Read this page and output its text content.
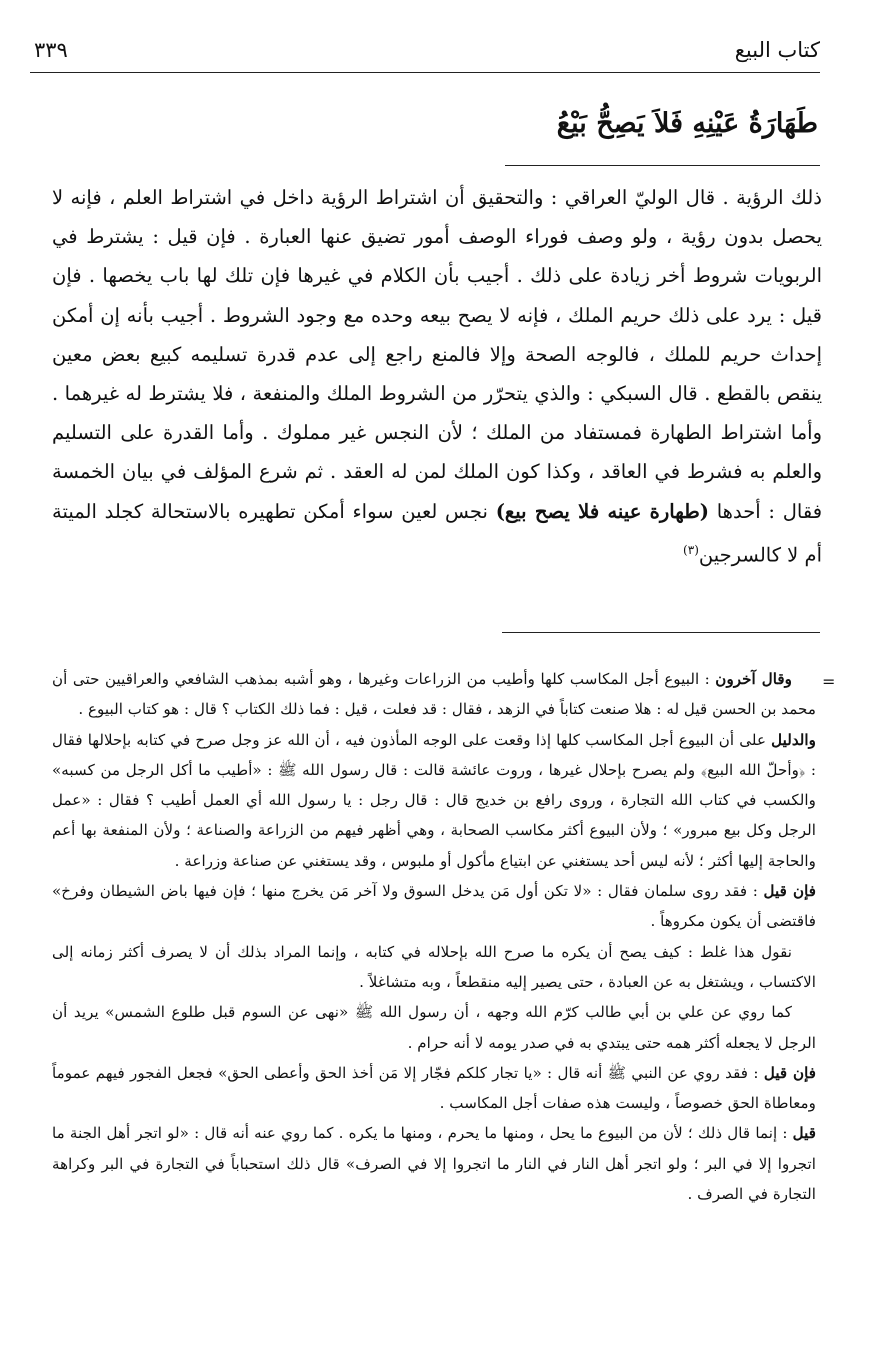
كتاب البيع
٣٣٩
طَهَارَةُ عَيْنِهِ فَلاَ يَصِحُّ بَيْعُ

ذلك الرؤية . قال الوليّ العراقي : والتحقيق أن اشتراط الرؤية داخل في اشتراط العلم ، فإنه لا يحصل بدون رؤية ، ولو وصف فوراء الوصف أمور تضيق عنها العبارة . فإن قيل : يشترط في الربويات شروط أخر زيادة على ذلك . أجيب بأن الكلام في غيرها فإن تلك لها باب يخصها . فإن قيل : يرد على ذلك حريم الملك ، فإنه لا يصح بيعه وحده مع وجود الشروط . أجيب بأنه إن أمكن إحداث حريم للملك ، فالوجه الصحة وإلا فالمنع راجع إلى عدم قدرة تسليمه كبيع بعض معين ينقص بالقطع . قال السبكي : والذي يتحرّر من الشروط الملك والمنفعة ، فلا يشترط له غيرهما . وأما اشتراط الطهارة فمستفاد من الملك ؛ لأن النجس غير مملوك . وأما القدرة على التسليم والعلم به فشرط في العاقد ، وكذا كون الملك لمن له العقد . ثم شرع المؤلف في بيان الخمسة فقال : أحدها (طهارة عينه فلا يصح بيع) نجس لعين سواء أمكن تطهيره بالاستحالة كجلد الميتة أم لا كالسرجين$^{(٣)}$

=

وقال آخرون : البيوع أجل المكاسب كلها وأطيب من الزراعات وغيرها ، وهو أشبه بمذهب الشافعي والعراقيين حتى أن محمد بن الحسن قيل له : هلا صنعت كتاباً في الزهد ، فقال : قد فعلت ، قيل : فما ذلك الكتاب ؟ قال : هو كتاب البيوع .

والدليل على أن البيوع أجل المكاسب كلها إذا وقعت على الوجه المأذون فيه ، أن الله عز وجل صرح في كتابه بإحلالها فقال : ﴿وأحلّ الله البيع﴾ ولم يصرح بإحلال غيرها ، وروت عائشة قالت : قال رسول الله ﷺ : «أطيب ما أكل الرجل من كسبه» والكسب في كتاب الله التجارة ، وروى رافع بن خديج قال : قال رجل : يا رسول الله أي العمل أطيب ؟ فقال : «عمل الرجل وكل بيع مبرور» ؛ ولأن البيوع أكثر مكاسب الصحابة ، وهي أظهر فيهم من الزراعة والصناعة ؛ ولأن المنفعة بها أعم والحاجة إليها أكثر ؛ لأنه ليس أحد يستغني عن ابتياع مأكول أو ملبوس ، وقد يستغني عن صناعة وزراعة .

فإن قيل : فقد روى سلمان فقال : «لا تكن أول مَن يدخل السوق ولا آخر مَن يخرج منها ؛ فإن فيها باض الشيطان وفرخ» فاقتضى أن يكون مكروهاً .

نقول هذا غلط : كيف يصح أن يكره ما صرح الله بإحلاله في كتابه ، وإنما المراد بذلك أن لا يصرف أكثر زمانه إلى الاكتساب ، ويشتغل به عن العبادة ، حتى يصير إليه منقطعاً ، وبه متشاغلاً .

كما روي عن علي بن أبي طالب كرّم الله وجهه ، أن رسول الله ﷺ «نهى عن السوم قبل طلوع الشمس» يريد أن الرجل لا يجعله أكثر همه حتى يبتدي به في صدر يومه لا أنه حرام .

فإن قيل : فقد روي عن النبي ﷺ أنه قال : «يا تجار كلكم فجّار إلا مَن أخذ الحق وأعطى الحق» فجعل الفجور فيهم عموماً ومعاطاة الحق خصوصاً ، وليست هذه صفات أجل المكاسب .

قيل : إنما قال ذلك ؛ لأن من البيوع ما يحل ، ومنها ما يحرم ، ومنها ما يكره . كما روي عنه أنه قال : «لو اتجر أهل الجنة ما اتجروا إلا في البر ؛ ولو اتجر أهل النار في النار ما اتجروا إلا في الصرف» قال ذلك استحباباً في التجارة في البر وكراهة التجارة في الصرف .
